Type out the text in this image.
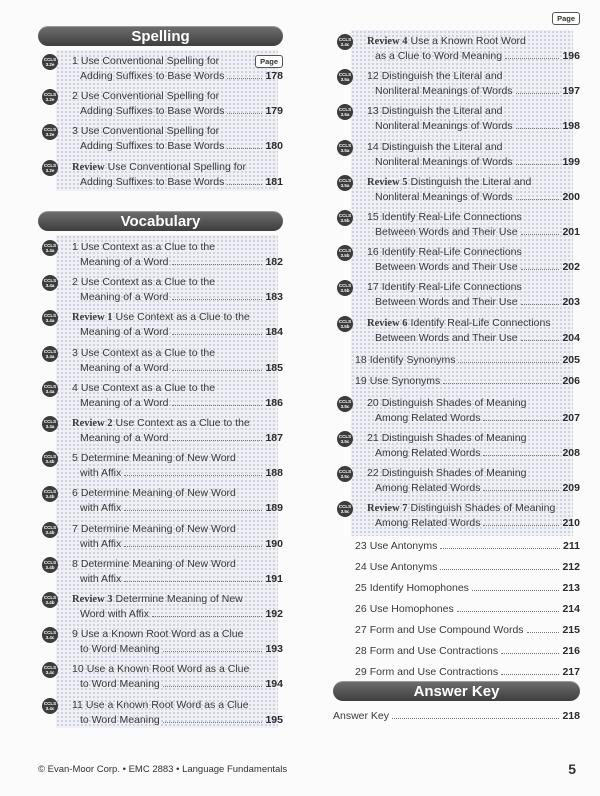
Spelling
CCLS
3.2e 1 Use Conventional Spelling for
Adding Suffixes to Base Words	178
CCLS
3.2e 2 Use Conventional Spelling for
Adding Suffixes to Base Words	179
CCLS
3.2e 3 Use Conventional Spelling for
Adding Suffixes to Base Words	180
CCLS
3.2e Review Use Conventional Spelling for
Adding Suffixes to Base Words	181
Page
Vocabulary
CCLS
3.4a 1 Use Context as a Clue to the
Meaning of a Word	182
CCLS
3.4a 2 Use Context as a Clue to the
Meaning of a Word	183
CCLS
3.4a Review 1 Use Context as a Clue to the
Meaning of a Word	184
CCLS
3.4a 3 Use Context as a Clue to the
Meaning of a Word	185
CCLS
3.4a 4 Use Context as a Clue to the
Meaning of a Word	186
CCLS
3.4a Review 2 Use Context as a Clue to the
Meaning of a Word	187
CCLS
3.4b 5 Determine Meaning of New Word
with Affix	188
CCLS
3.4b 6 Determine Meaning of New Word
with Affix	189
CCLS
3.4b 7 Determine Meaning of New Word
with Affix	190
CCLS
3.4b 8 Determine Meaning of New Word
with Affix	191
CCLS
3.4b Review 3 Determine Meaning of New
Word with Affix	192
CCLS
3.4c 9 Use a Known Root Word as a Clue
to Word Meaning	193
CCLS
3.4c 10 Use a Known Root Word as a Clue
to Word Meaning	194
CCLS
3.4c 11 Use a Known Root Word as a Clue
to Word Meaning	195
Page
CCLS
3.4c Review 4 Use a Known Root Word
as a Clue to Word Meaning	196
CCLS
3.5a 12 Distinguish the Literal and
Nonliteral Meanings of Words	197
CCLS
3.5a 13 Distinguish the Literal and
Nonliteral Meanings of Words	198
CCLS
3.5a 14 Distinguish the Literal and
Nonliteral Meanings of Words	199
CCLS
3.5a Review 5 Distinguish the Literal and
Nonliteral Meanings of Words	200
CCLS
3.5b 15 Identify Real-Life Connections
Between Words and Their Use	201
CCLS
3.5b 16 Identify Real-Life Connections
Between Words and Their Use	202
CCLS
3.5b 17 Identify Real-Life Connections
Between Words and Their Use	203
CCLS
3.5b Review 6 Identify Real-Life Connections
Between Words and Their Use	204
18 Identify Synonyms	205
19 Use Synonyms	206
CCLS
3.5c 20 Distinguish Shades of Meaning
Among Related Words	207
CCLS
3.5c 21 Distinguish Shades of Meaning
Among Related Words	208
CCLS
3.5c 22 Distinguish Shades of Meaning
Among Related Words	209
CCLS
3.5c Review 7 Distinguish Shades of Meaning
Among Related Words	210
23 Use Antonyms	211
24 Use Antonyms	212
25 Identify Homophones	213
26 Use Homophones	214
27 Form and Use Compound Words	215
28 Form and Use Contractions	216
29 Form and Use Contractions	217
Answer Key
Answer Key	218
© Evan-Moor Corp. • EMC 2883 • Language Fundamentals	5
